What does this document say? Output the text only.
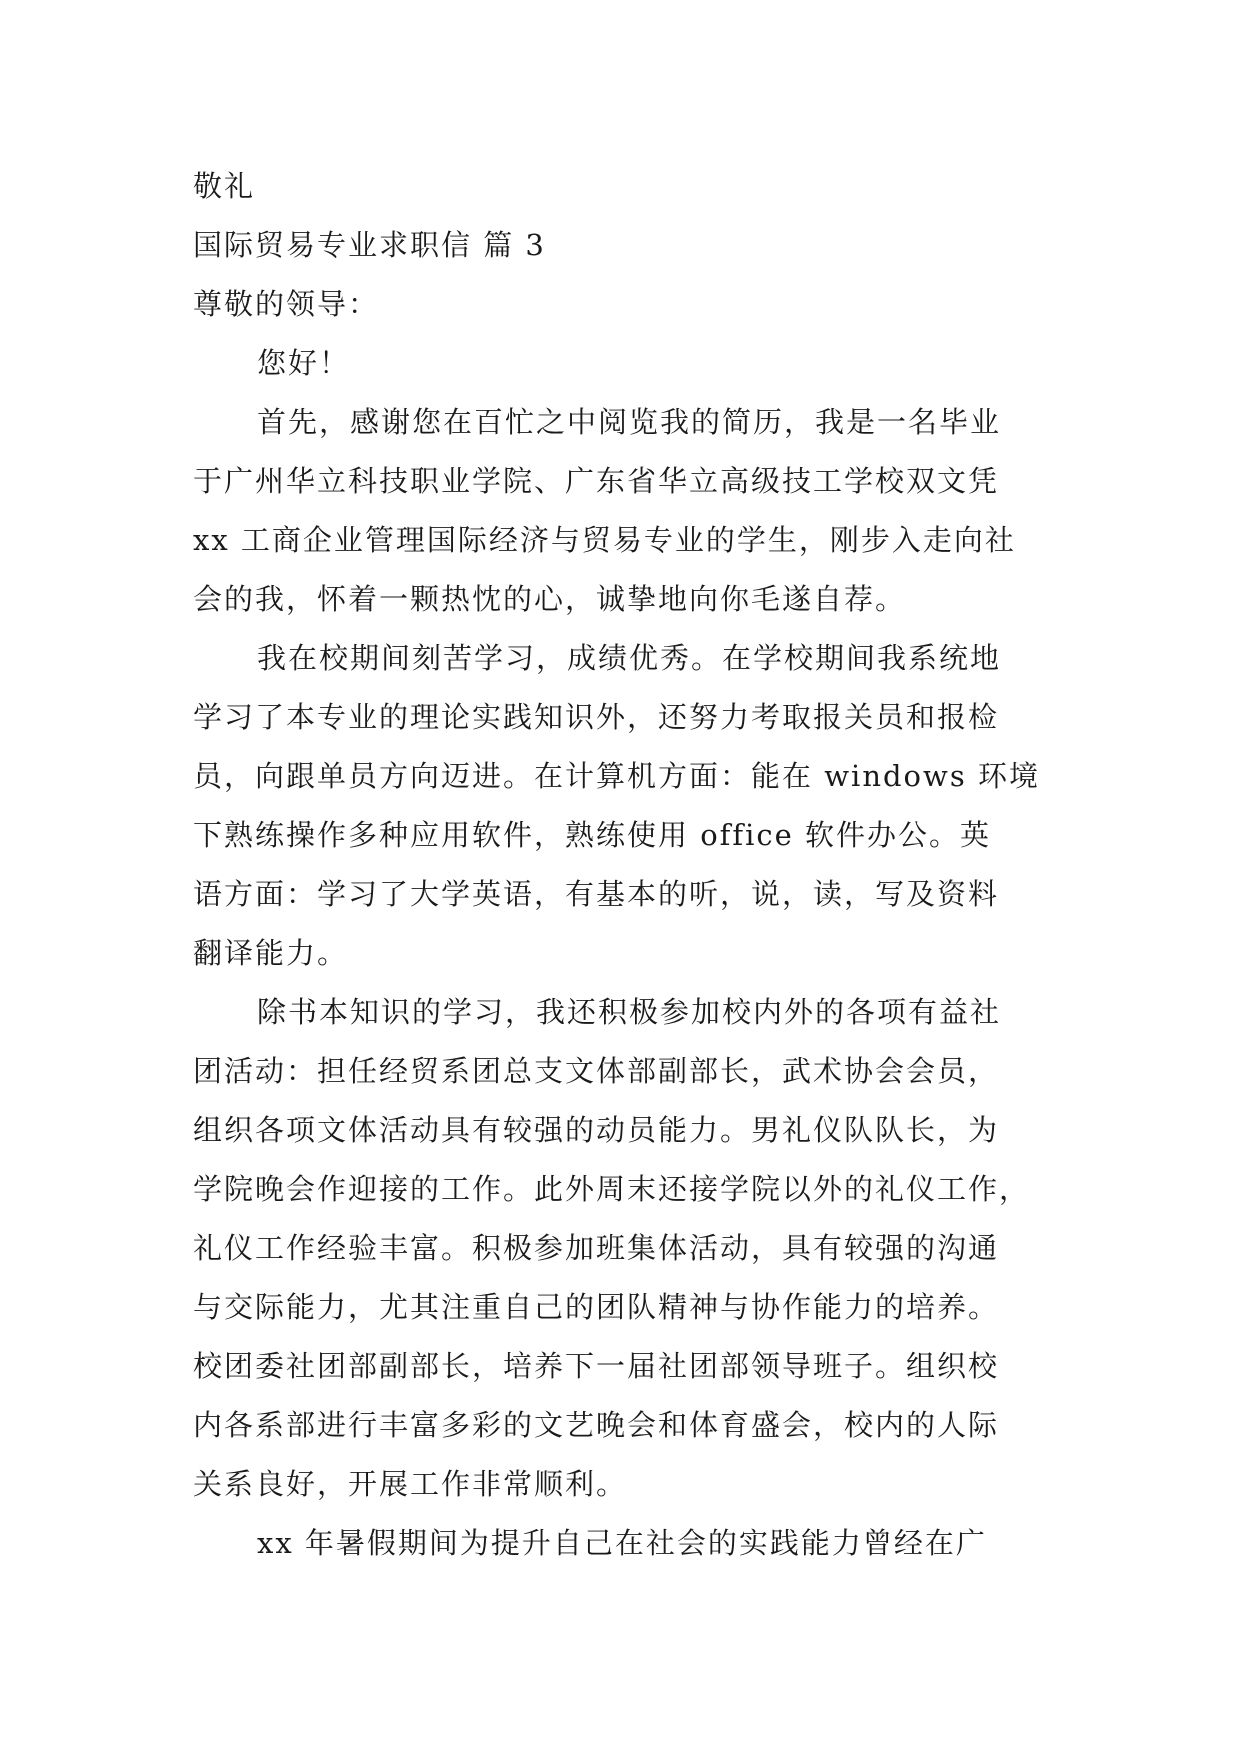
敬礼
国际贸易专业求职信 篇 3
尊敬的领导：
您好！
首先，感谢您在百忙之中阅览我的简历，我是一名毕业
于广州华立科技职业学院、广东省华立高级技工学校双文凭
xx 工商企业管理国际经济与贸易专业的学生，刚步入走向社
会的我，怀着一颗热忱的心，诚挚地向你毛遂自荐。
我在校期间刻苦学习，成绩优秀。在学校期间我系统地
学习了本专业的理论实践知识外，还努力考取报关员和报检
员，向跟单员方向迈进。在计算机方面：能在 windows 环境
下熟练操作多种应用软件，熟练使用 office 软件办公。英
语方面：学习了大学英语，有基本的听，说，读，写及资料
翻译能力。
除书本知识的学习，我还积极参加校内外的各项有益社
团活动：担任经贸系团总支文体部副部长，武术协会会员，
组织各项文体活动具有较强的动员能力。男礼仪队队长，为
学院晚会作迎接的工作。此外周末还接学院以外的礼仪工作，
礼仪工作经验丰富。积极参加班集体活动，具有较强的沟通
与交际能力，尤其注重自己的团队精神与协作能力的培养。
校团委社团部副部长，培养下一届社团部领导班子。组织校
内各系部进行丰富多彩的文艺晚会和体育盛会，校内的人际
关系良好，开展工作非常顺利。
xx 年暑假期间为提升自己在社会的实践能力曾经在广
